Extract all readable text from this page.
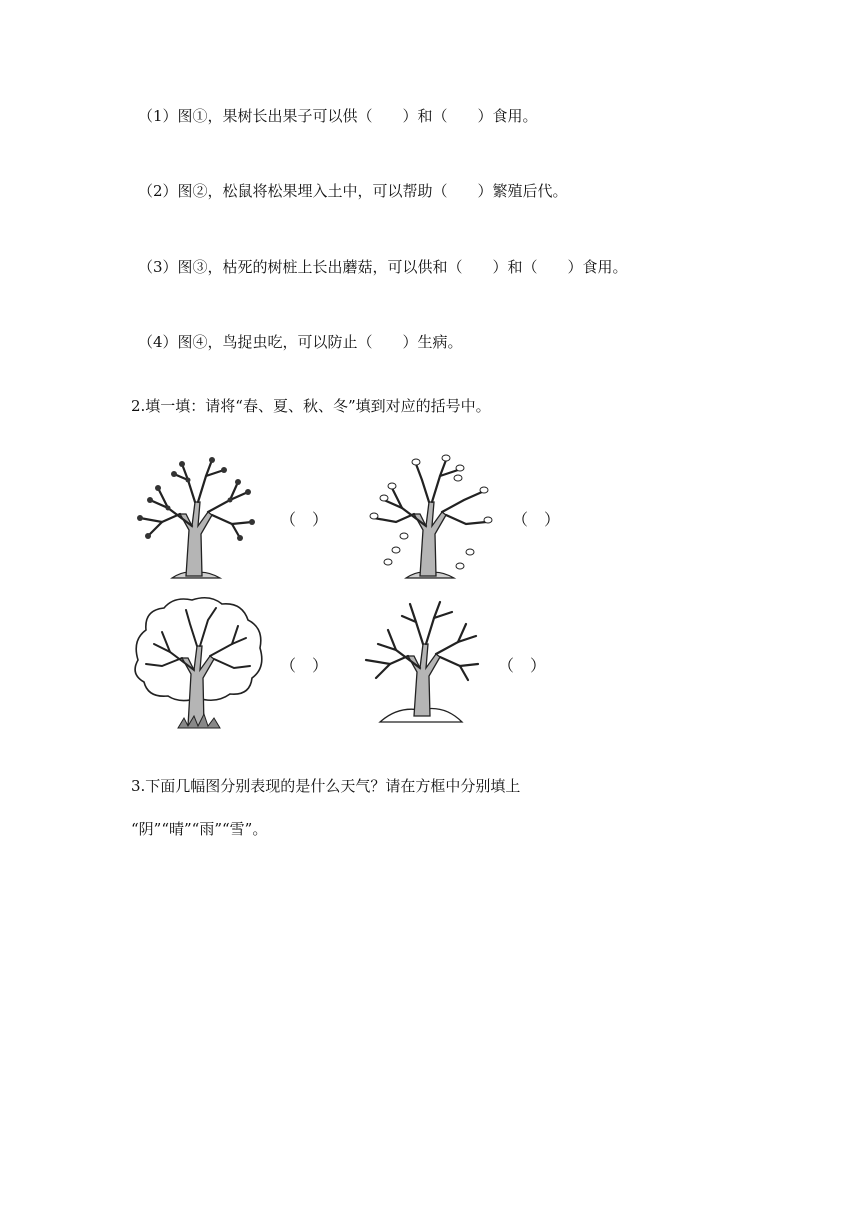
（1）图①，果树长出果子可以供（　　）和（　　）食用。
（2）图②，松鼠将松果埋入土中，可以帮助（　　）繁殖后代。
（3）图③，枯死的树桩上长出蘑菇，可以供和（　　）和（　　）食用。
（4）图④，鸟捉虫吃，可以防止（　　）生病。
2.填一填：请将“春、夏、秋、冬”填到对应的括号中。
（　）	（　）
（　）	（　）
3.下面几幅图分别表现的是什么天气？请在方框中分别填上
“阴”“晴”“雨”“雪”。
